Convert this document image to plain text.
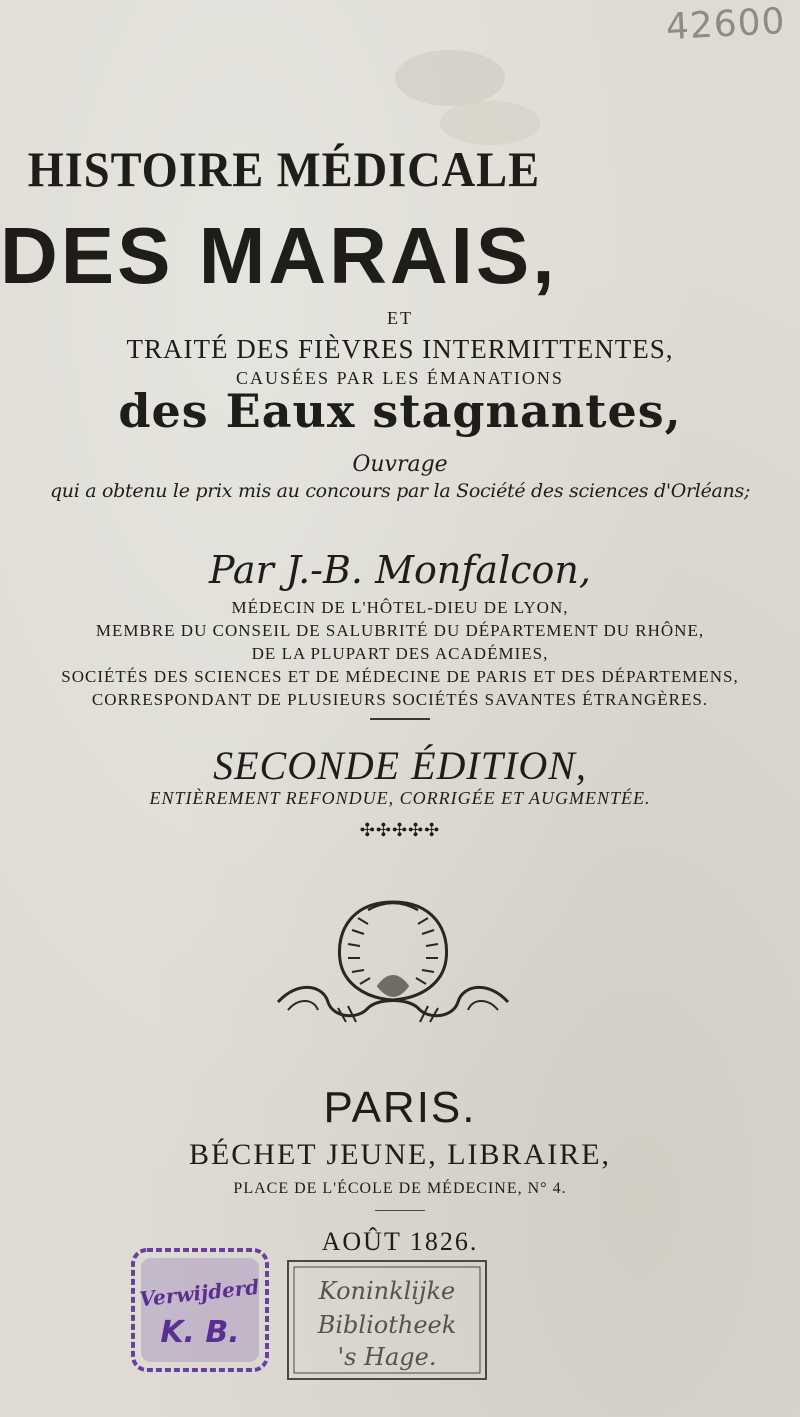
42600
HISTOIRE MÉDICALE
DES MARAIS,
ET
TRAITÉ DES FIÈVRES INTERMITTENTES,
CAUSÉES PAR LES ÉMANATIONS
des Eaux stagnantes,
Ouvrage
qui a obtenu le prix mis au concours par la Société des sciences d'Orléans;
Par J.-B. Monfalcon,
MÉDECIN DE L'HÔTEL-DIEU DE LYON,
MEMBRE DU CONSEIL DE SALUBRITÉ DU DÉPARTEMENT DU RHÔNE,
DE LA PLUPART DES ACADÉMIES,
SOCIÉTÉS DES SCIENCES ET DE MÉDECINE DE PARIS ET DES DÉPARTEMENS,
CORRESPONDANT DE PLUSIEURS SOCIÉTÉS SAVANTES ÉTRANGÈRES.
SECONDE ÉDITION,
ENTIÈREMENT REFONDUE, CORRIGÉE ET AUGMENTÉE.
✣✣✣✣✣
PARIS.
BÉCHET JEUNE, LIBRAIRE,
PLACE DE L'ÉCOLE DE MÉDECINE, N° 4.
AOÛT 1826.
Verwijderd
K. B.
Koninklijke
Bibliotheek
's Hage.
